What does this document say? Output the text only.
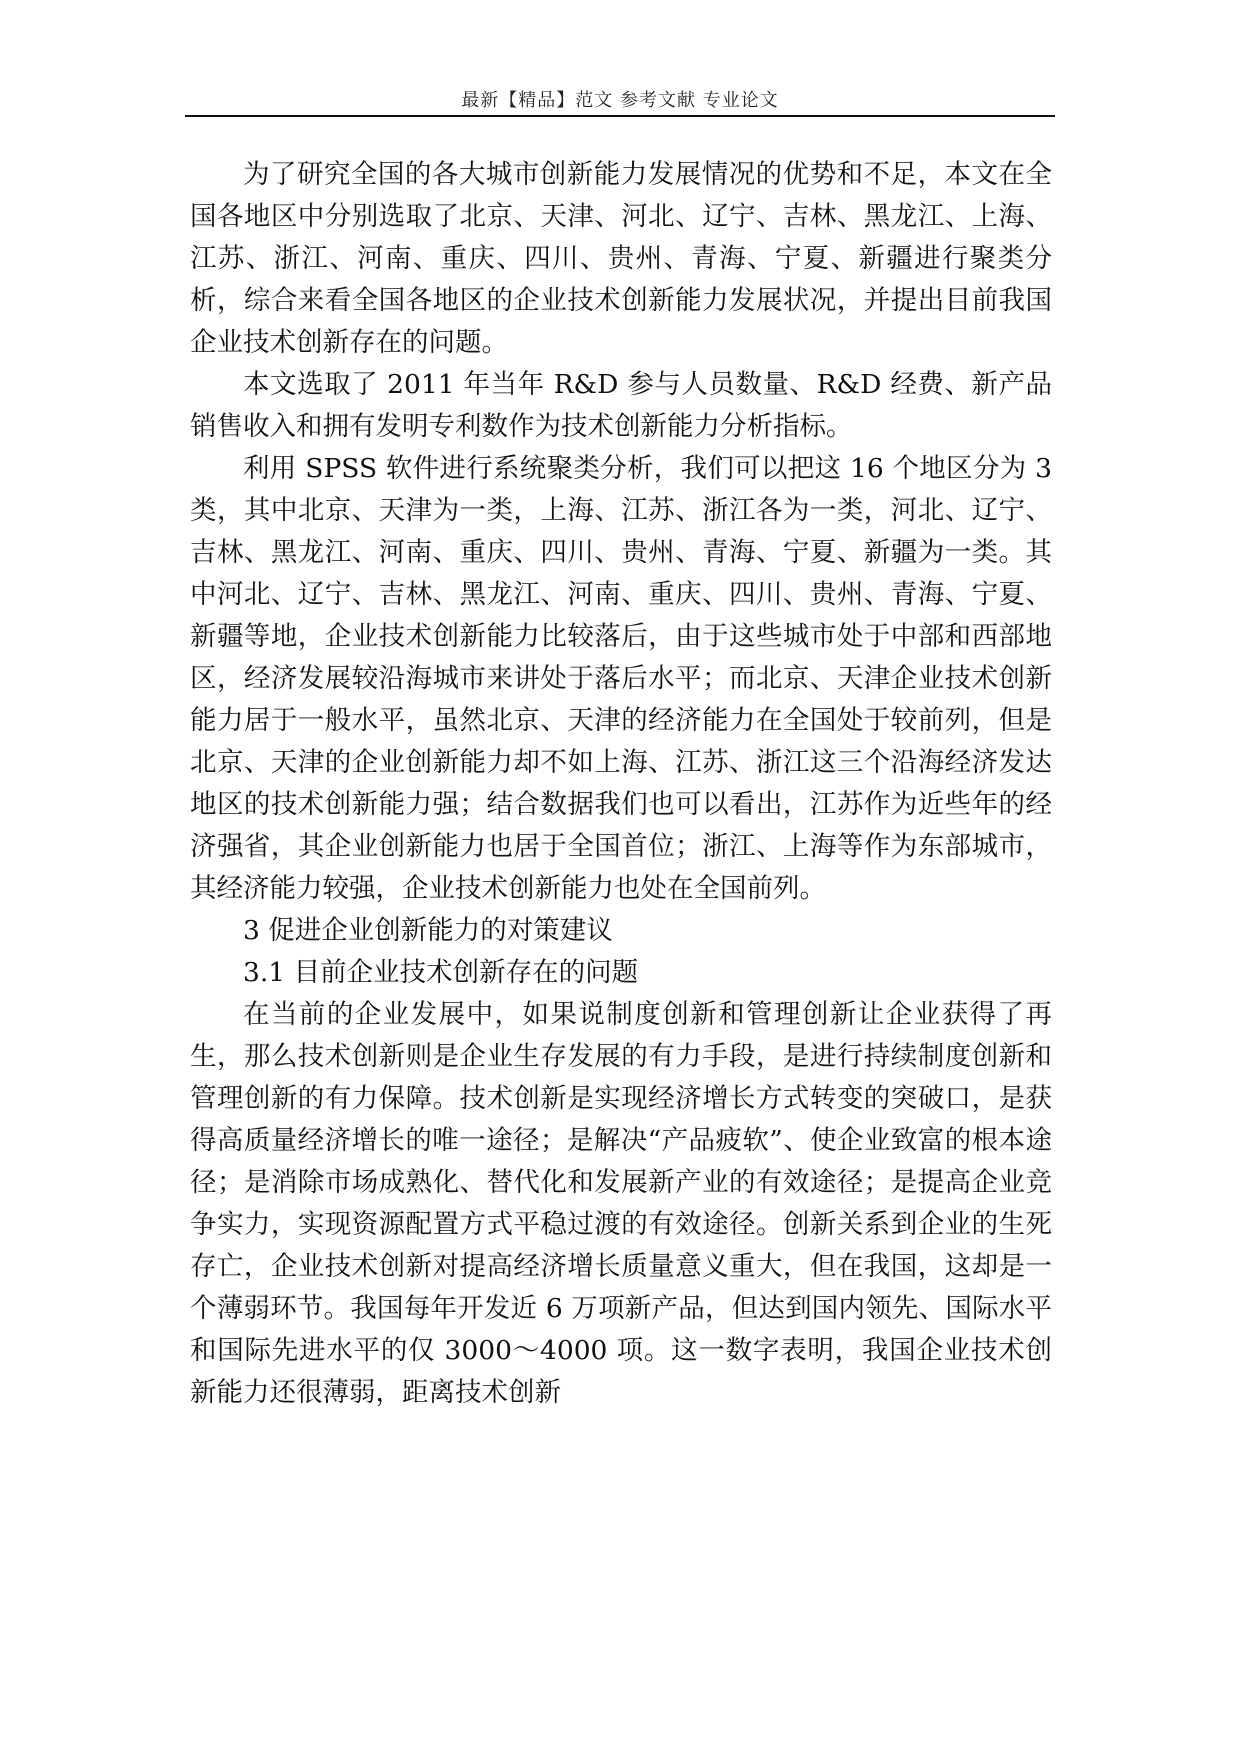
最新【精品】范文 参考文献 专业论文

为了研究全国的各大城市创新能力发展情况的优势和不足，本文在全国各地区中分别选取了北京、天津、河北、辽宁、吉林、黑龙江、上海、江苏、浙江、河南、重庆、四川、贵州、青海、宁夏、新疆进行聚类分析，综合来看全国各地区的企业技术创新能力发展状况，并提出目前我国企业技术创新存在的问题。

本文选取了 2011 年当年 R&D 参与人员数量、R&D 经费、新产品销售收入和拥有发明专利数作为技术创新能力分析指标。

利用 SPSS 软件进行系统聚类分析，我们可以把这 16 个地区分为 3 类，其中北京、天津为一类，上海、江苏、浙江各为一类，河北、辽宁、吉林、黑龙江、河南、重庆、四川、贵州、青海、宁夏、新疆为一类。其中河北、辽宁、吉林、黑龙江、河南、重庆、四川、贵州、青海、宁夏、新疆等地，企业技术创新能力比较落后，由于这些城市处于中部和西部地区，经济发展较沿海城市来讲处于落后水平；而北京、天津企业技术创新能力居于一般水平，虽然北京、天津的经济能力在全国处于较前列，但是北京、天津的企业创新能力却不如上海、江苏、浙江这三个沿海经济发达地区的技术创新能力强；结合数据我们也可以看出，江苏作为近些年的经济强省，其企业创新能力也居于全国首位；浙江、上海等作为东部城市，其经济能力较强，企业技术创新能力也处在全国前列。

3 促进企业创新能力的对策建议

3.1 目前企业技术创新存在的问题

在当前的企业发展中，如果说制度创新和管理创新让企业获得了再生，那么技术创新则是企业生存发展的有力手段，是进行持续制度创新和管理创新的有力保障。技术创新是实现经济增长方式转变的突破口，是获得高质量经济增长的唯一途径；是解决“产品疲软”、使企业致富的根本途径；是消除市场成熟化、替代化和发展新产业的有效途径；是提高企业竞争实力，实现资源配置方式平稳过渡的有效途径。创新关系到企业的生死存亡，企业技术创新对提高经济增长质量意义重大，但在我国，这却是一个薄弱环节。我国每年开发近 6 万项新产品，但达到国内领先、国际水平和国际先进水平的仅 3000～4000 项。这一数字表明，我国企业技术创新能力还很薄弱，距离技术创新
